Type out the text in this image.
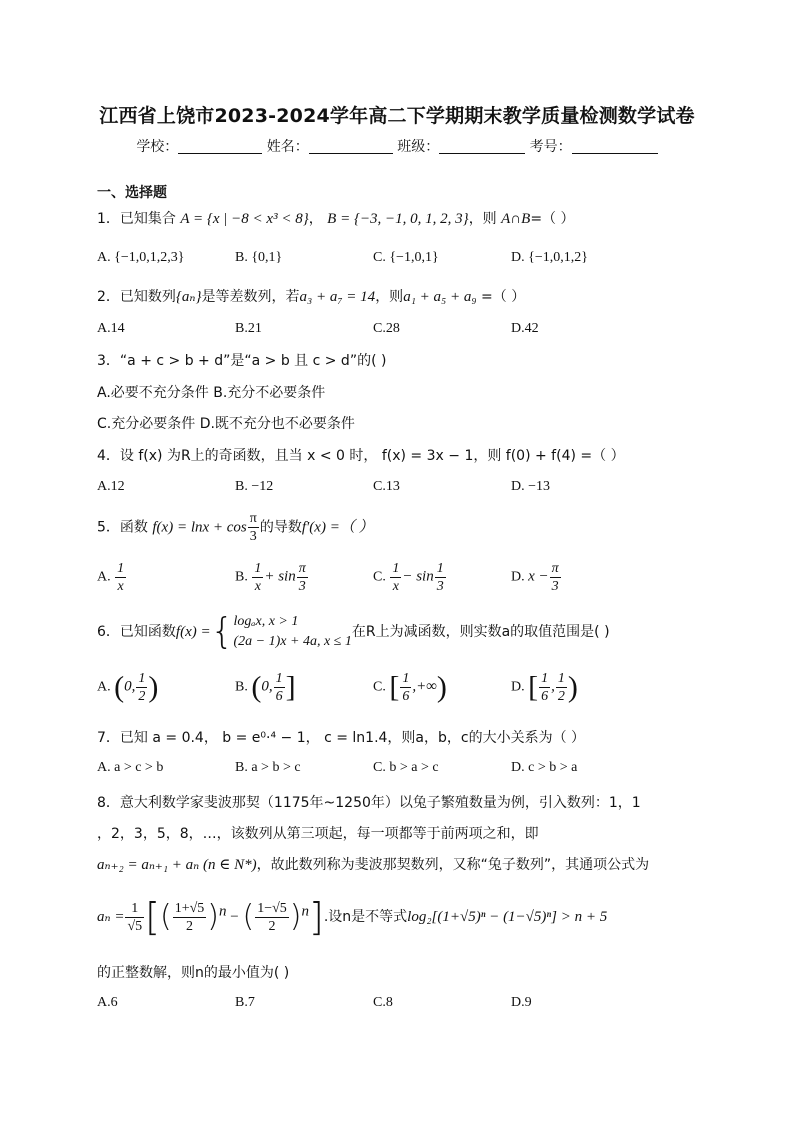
江西省上饶市2023-2024学年高二下学期期末教学质量检测数学试卷
学校：	姓名：	班级：	考号：
一、选择题
1．已知集合 A = {x | −8 < x³ < 8}， B = {−3, −1, 0, 1, 2, 3}，则 A∩B=（ ）
A. {−1,0,1,2,3}	B. {0,1}	C. {−1,0,1}	D. {−1,0,1,2}
2．已知数列{aₙ}是等差数列，若a₃ + a₇ = 14，则a₁ + a₅ + a₉ =（ ）
A.14	B.21	C.28	D.42
3．“a + c > b + d”是“a > b 且 c > d”的( )
A.必要不充分条件 B.充分不必要条件
C.充分必要条件 D.既不充分也不必要条件
4．设 f(x) 为R上的奇函数，且当 x < 0 时， f(x) = 3x − 1，则 f(0) + f(4) =（ ）
A.12	B. −12	C.13	D. −13
5．函数 $f(x) = \ln x + \cos \frac{\pi}{3}$ 的导数f′(x) =（ ）
A. $\frac{1}{x}$	B. $\frac{1}{x} + \sin \frac{\pi}{3}$	C. $\frac{1}{x} - \sin \frac{1}{3}$	D. $x - \frac{\pi}{3}$
6．已知函数f(x) ={ logₐx, x > 1
(2a − 1)x + 4a, x ≤ 1
在R上为减函数，则实数a的取值范围是( )
A. (0, $\frac{1}{2}$ )	B. (0, $\frac{1}{6}$ ]	C. [ $\frac{1}{6}$ ,+∞)	D. [ $\frac{1}{6}$ , $\frac{1}{2}$ )
7．已知 a = 0.4， b = e⁰·⁴ − 1， c = ln1.4，则a，b，c的大小关系为（ ）
A. a > c > b	B. a > b > c	C. b > a > c	D. c > b > a
8．意大利数学家斐波那契（1175年~1250年）以兔子繁殖数量为例，引入数列：1，1
，2，3，5，8，…，该数列从第三项起，每一项都等于前两项之和，即
aₙ₊₂ = aₙ₊₁ + aₙ (n ∈ N*)，故此数列称为斐波那契数列，又称“兔子数列”，其通项公式为
$a_n = \frac{1}{√5}$ [( $\frac{1+√5}{2} )^n$ − ( $\frac{1-√5}{2} )^n$].设n是不等式log₂[(1+√5)ⁿ − (1−√5)ⁿ] > n + 5
的正整数解，则n的最小值为( )
A.6	B.7	C.8	D.9
